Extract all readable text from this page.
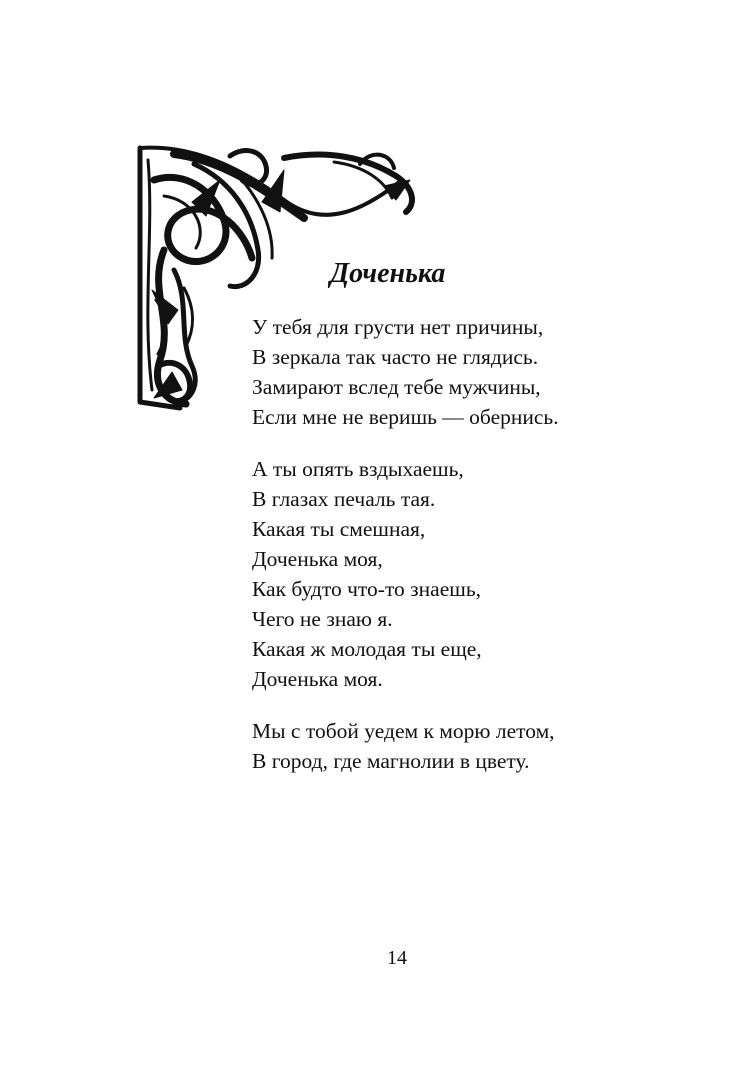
Доченька
У тебя для грусти нет причины,
В зеркала так часто не глядись.
Замирают вслед тебе мужчины,
Если мне не веришь — обернись.
А ты опять вздыхаешь,
В глазах печаль тая.
Какая ты смешная,
Доченька моя,
Как будто что-то знаешь,
Чего не знаю я.
Какая ж молодая ты еще,
Доченька моя.
Мы с тобой уедем к морю летом,
В город, где магнолии в цвету.
14
